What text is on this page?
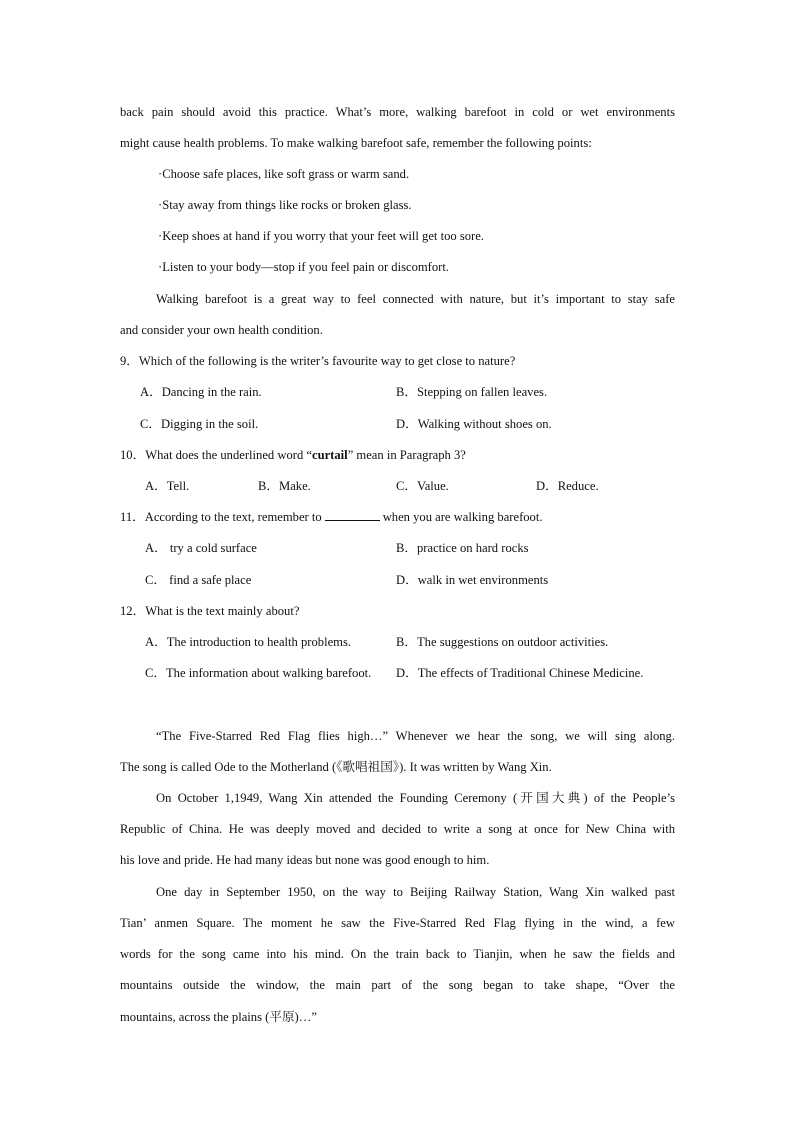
back pain should avoid this practice. What’s more, walking barefoot in cold or wet environments
might cause health problems. To make walking barefoot safe, remember the following points:
·Choose safe places, like soft grass or warm sand.
·Stay away from things like rocks or broken glass.
·Keep shoes at hand if you worry that your feet will get too sore.
·Listen to your body—stop if you feel pain or discomfort.
Walking barefoot is a great way to feel connected with nature, but it’s important to stay safe
and consider your own health condition.
9．Which of the following is the writer’s favourite way to get close to nature?
A．Dancing in the rain.	B．Stepping on fallen leaves.
C．Digging in the soil.	D．Walking without shoes on.
10．What does the underlined word “curtail” mean in Paragraph 3?
A．Tell.	B．Make.	C．Value.	D．Reduce.
11．According to the text, remember to	when you are walking barefoot.
A． try a cold surface	B．practice on hard rocks
C． find a safe place	D．walk in wet environments
12．What is the text mainly about?
A．The introduction to health problems.	B．The suggestions on outdoor activities.
C．The information about walking barefoot.	D．The effects of Traditional Chinese Medicine.
“The Five-Starred Red Flag flies high…” Whenever we hear the song, we will sing along.
The song is called Ode to the Motherland (《歌唱祖国》). It was written by Wang Xin.
On October 1,1949, Wang Xin attended the Founding Ceremony (开国大典) of the People’s
Republic of China. He was deeply moved and decided to write a song at once for New China with
his love and pride. He had many ideas but none was good enough to him.
One day in September 1950, on the way to Beijing Railway Station, Wang Xin walked past
Tian’ anmen Square. The moment he saw the Five-Starred Red Flag flying in the wind, a few
words for the song came into his mind. On the train back to Tianjin, when he saw the fields and
mountains outside the window, the main part of the song began to take shape, “Over the
mountains, across the plains (平原)…”
